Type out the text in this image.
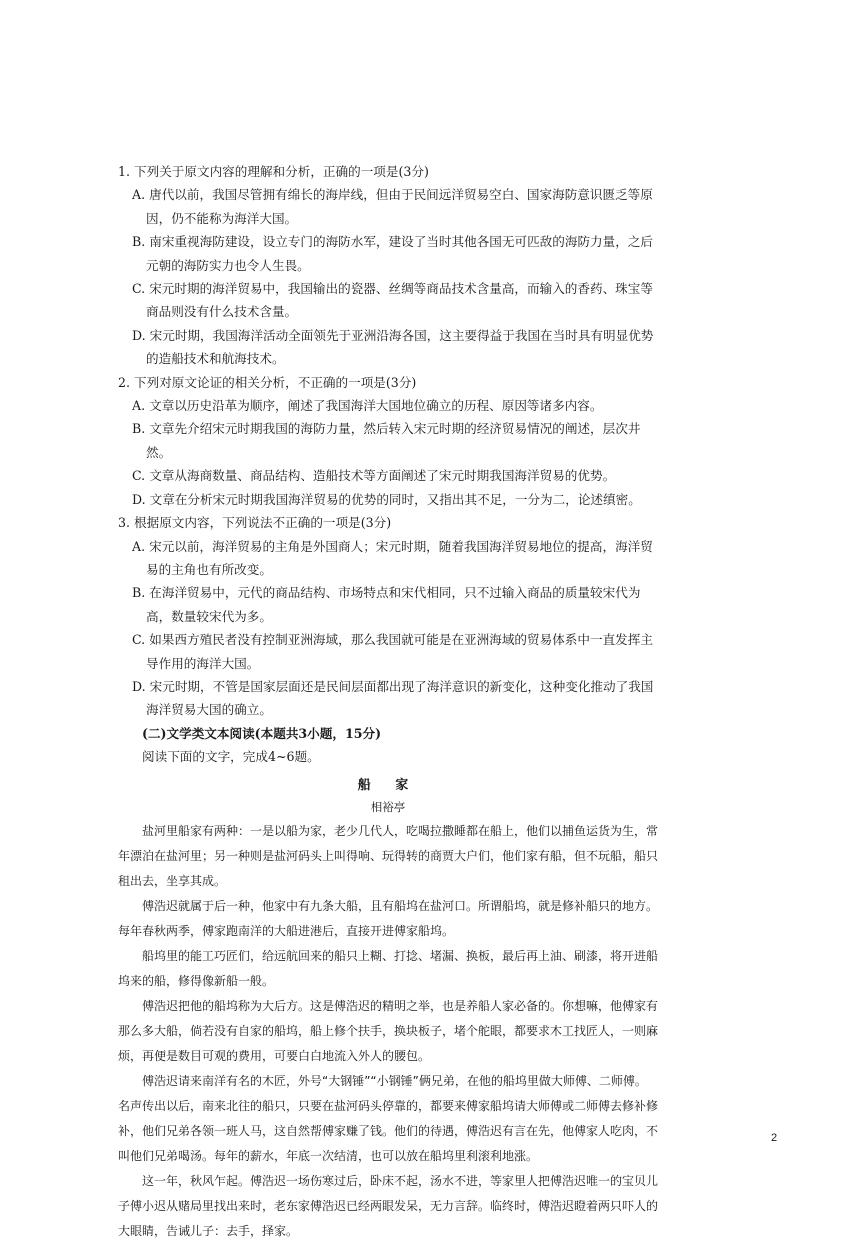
1. 下列关于原文内容的理解和分析，正确的一项是(3分)

A. 唐代以前，我国尽管拥有绵长的海岸线，但由于民间远洋贸易空白、国家海防意识匮乏等原因，仍不能称为海洋大国。

B. 南宋重视海防建设，设立专门的海防水军，建设了当时其他各国无可匹敌的海防力量，之后元朝的海防实力也令人生畏。

C. 宋元时期的海洋贸易中，我国输出的瓷器、丝绸等商品技术含量高，而输入的香药、珠宝等商品则没有什么技术含量。

D. 宋元时期，我国海洋活动全面领先于亚洲沿海各国，这主要得益于我国在当时具有明显优势的造船技术和航海技术。

2. 下列对原文论证的相关分析，不正确的一项是(3分)

A. 文章以历史沿革为顺序，阐述了我国海洋大国地位确立的历程、原因等诸多内容。

B. 文章先介绍宋元时期我国的海防力量，然后转入宋元时期的经济贸易情况的阐述，层次井然。

C. 文章从海商数量、商品结构、造船技术等方面阐述了宋元时期我国海洋贸易的优势。

D. 文章在分析宋元时期我国海洋贸易的优势的同时，又指出其不足，一分为二，论述缜密。

3. 根据原文内容，下列说法不正确的一项是(3分)

A. 宋元以前，海洋贸易的主角是外国商人；宋元时期，随着我国海洋贸易地位的提高，海洋贸易的主角也有所改变。

B. 在海洋贸易中，元代的商品结构、市场特点和宋代相同，只不过输入商品的质量较宋代为高，数量较宋代为多。

C. 如果西方殖民者没有控制亚洲海域，那么我国就可能是在亚洲海域的贸易体系中一直发挥主导作用的海洋大国。

D. 宋元时期，不管是国家层面还是民间层面都出现了海洋意识的新变化，这种变化推动了我国海洋贸易大国的确立。

(二)文学类文本阅读(本题共3小题，15分)

阅读下面的文字，完成4~6题。

船 家

相裕亭

盐河里船家有两种：一是以船为家，老少几代人，吃喝拉撒睡都在船上，他们以捕鱼运货为生，常年漂泊在盐河里；另一种则是盐河码头上叫得响、玩得转的商贾大户们，他们家有船，但不玩船，船只租出去，坐享其成。

傅浩迟就属于后一种，他家中有九条大船，且有船坞在盐河口。所谓船坞，就是修补船只的地方。每年春秋两季，傅家跑南洋的大船进港后，直接开进傅家船坞。

船坞里的能工巧匠们，给远航回来的船只上糊、打捻、堵漏、换板，最后再上油、刷漆，将开进船坞来的船，修得像新船一般。

傅浩迟把他的船坞称为大后方。这是傅浩迟的精明之举，也是养船人家必备的。你想嘛，他傅家有那么多大船，倘若没有自家的船坞，船上修个扶手，换块板子，堵个舵眼，都要求木工找匠人，一则麻烦，再便是数目可观的费用，可要白白地流入外人的腰包。

傅浩迟请来南洋有名的木匠，外号“大钢锤”“小钢锤”俩兄弟，在他的船坞里做大师傅、二师傅。名声传出以后，南来北往的船只，只要在盐河码头停靠的，都要来傅家船坞请大师傅或二师傅去修补修补，他们兄弟各领一班人马，这自然帮傅家赚了钱。他们的待遇，傅浩迟有言在先，他傅家人吃肉，不叫他们兄弟喝汤。每年的薪水，年底一次结清，也可以放在船坞里利滚利地涨。

这一年，秋风乍起。傅浩迟一场伤寒过后，卧床不起，汤水不进，等家里人把傅浩迟唯一的宝贝儿子傅小迟从赌局里找出来时，老东家傅浩迟已经两眼发呆，无力言辞。临终时，傅浩迟瞪着两只吓人的大眼睛，告诫儿子：去手，择家。

2
